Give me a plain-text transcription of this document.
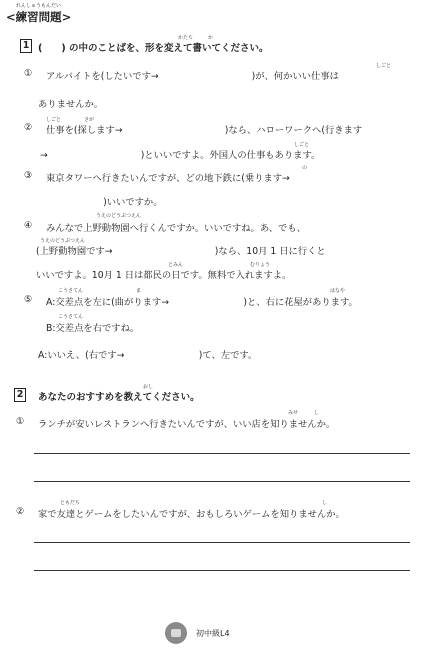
れんしゅうもんだい
<練習問題>
1
かたち	か
(　　) の中のことばを、形を変えて書いてください。
①
しごと
アルバイトを(したいです→　　　　　　　　　　)が、何かいい仕事は
ありませんか。
②
しごと	さが
仕事を(探します→　　　　　　　　　　　)なら、ハローワークへ(行きます
しごと
→　　　　　　　　　　)といいですよ。外国人の仕事もあります。
③
の
東京タワーへ行きたいんですが、どの地下鉄に(乗ります→
　　　　　　　)いいですか。
④
うえのどうぶつえん
みんなで上野動物園へ行くんですか。いいですね。あ、でも、
うえのどうぶつえん
(上野動物園です→　　　　　　　　　　　)なら、10月 1 日に行くと
とみん	むりょう
いいですよ。10月 1 日は都民の日です。無料で入れますよ。
⑤
こうさてん	ま	はなや
A:交差点を左に(曲がります→　　　　　　　　)と、右に花屋があります。
こうさてん
B:交差点を右ですね。
A:いいえ、(右です→　　　　　　　　)て、左です。
2
おし
あなたのおすすめを教えてください。
①
みせ	し
ランチが安いレストランへ行きたいんですが、いい店を知りませんか。
②
ともだち	し
家で友達とゲームをしたいんですが、おもしろいゲームを知りませんか。
初中級L4
